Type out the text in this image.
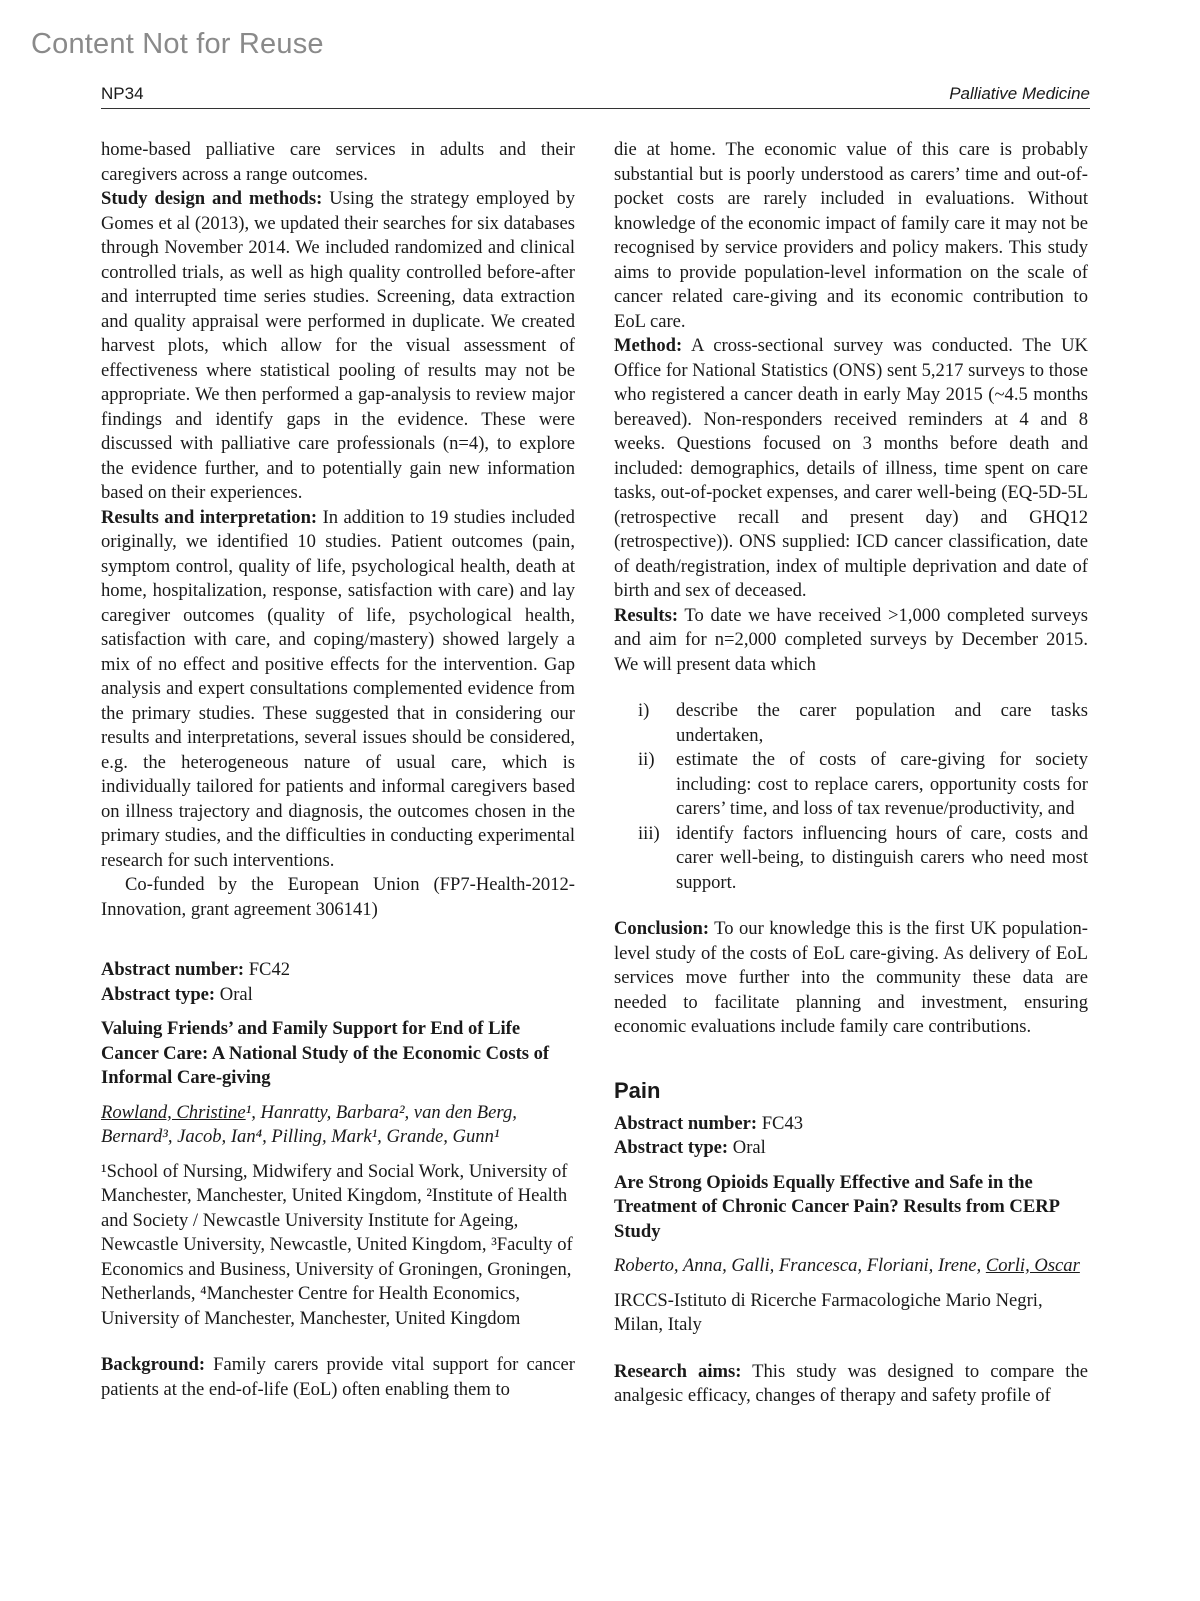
Content Not for Reuse
NP34	Palliative Medicine

home-based palliative care services in adults and their caregivers across a range outcomes.

Study design and methods: Using the strategy employed by Gomes et al (2013), we updated their searches for six databases through November 2014. We included randomized and clinical controlled trials, as well as high quality controlled before-after and interrupted time series studies. Screening, data extraction and quality appraisal were performed in duplicate. We created harvest plots, which allow for the visual assessment of effectiveness where statistical pooling of results may not be appropriate. We then performed a gap-analysis to review major findings and identify gaps in the evidence. These were discussed with palliative care professionals (n=4), to explore the evidence further, and to potentially gain new information based on their experiences.

Results and interpretation: In addition to 19 studies included originally, we identified 10 studies. Patient outcomes (pain, symptom control, quality of life, psychological health, death at home, hospitalization, response, satisfaction with care) and lay caregiver outcomes (quality of life, psychological health, satisfaction with care, and coping/mastery) showed largely a mix of no effect and positive effects for the intervention. Gap analysis and expert consultations complemented evidence from the primary studies. These suggested that in considering our results and interpretations, several issues should be considered, e.g. the heterogeneous nature of usual care, which is individually tailored for patients and informal caregivers based on illness trajectory and diagnosis, the outcomes chosen in the primary studies, and the difficulties in conducting experimental research for such interventions.

Co-funded by the European Union (FP7-Health-2012-Innovation, grant agreement 306141)

Abstract number: FC42

Abstract type: Oral

Valuing Friends’ and Family Support for End of Life Cancer Care: A National Study of the Economic Costs of Informal Care-giving

Rowland, Christine¹, Hanratty, Barbara², van den Berg, Bernard³, Jacob, Ian⁴, Pilling, Mark¹, Grande, Gunn¹

¹School of Nursing, Midwifery and Social Work, University of Manchester, Manchester, United Kingdom, ²Institute of Health and Society / Newcastle University Institute for Ageing, Newcastle University, Newcastle, United Kingdom, ³Faculty of Economics and Business, University of Groningen, Groningen, Netherlands, ⁴Manchester Centre for Health Economics, University of Manchester, Manchester, United Kingdom

Background: Family carers provide vital support for cancer patients at the end-of-life (EoL) often enabling them to

die at home. The economic value of this care is probably substantial but is poorly understood as carers’ time and out-of-pocket costs are rarely included in evaluations. Without knowledge of the economic impact of family care it may not be recognised by service providers and policy makers. This study aims to provide population-level information on the scale of cancer related care-giving and its economic contribution to EoL care.

Method: A cross-sectional survey was conducted. The UK Office for National Statistics (ONS) sent 5,217 surveys to those who registered a cancer death in early May 2015 (~4.5 months bereaved). Non-responders received reminders at 4 and 8 weeks. Questions focused on 3 months before death and included: demographics, details of illness, time spent on care tasks, out-of-pocket expenses, and carer well-being (EQ-5D-5L (retrospective recall and present day) and GHQ12 (retrospective)). ONS supplied: ICD cancer classification, date of death/registration, index of multiple deprivation and date of birth and sex of deceased.

Results: To date we have received >1,000 completed surveys and aim for n=2,000 completed surveys by December 2015. We will present data which

i) describe the carer population and care tasks undertaken,
ii) estimate the of costs of care-giving for society including: cost to replace carers, opportunity costs for carers’ time, and loss of tax revenue/productivity, and
iii) identify factors influencing hours of care, costs and carer well-being, to distinguish carers who need most support.

Conclusion: To our knowledge this is the first UK population-level study of the costs of EoL care-giving. As delivery of EoL services move further into the community these data are needed to facilitate planning and investment, ensuring economic evaluations include family care contributions.

Pain

Abstract number: FC43

Abstract type: Oral

Are Strong Opioids Equally Effective and Safe in the Treatment of Chronic Cancer Pain? Results from CERP Study

Roberto, Anna, Galli, Francesca, Floriani, Irene, Corli, Oscar

IRCCS-Istituto di Ricerche Farmacologiche Mario Negri, Milan, Italy

Research aims: This study was designed to compare the analgesic efficacy, changes of therapy and safety profile of
